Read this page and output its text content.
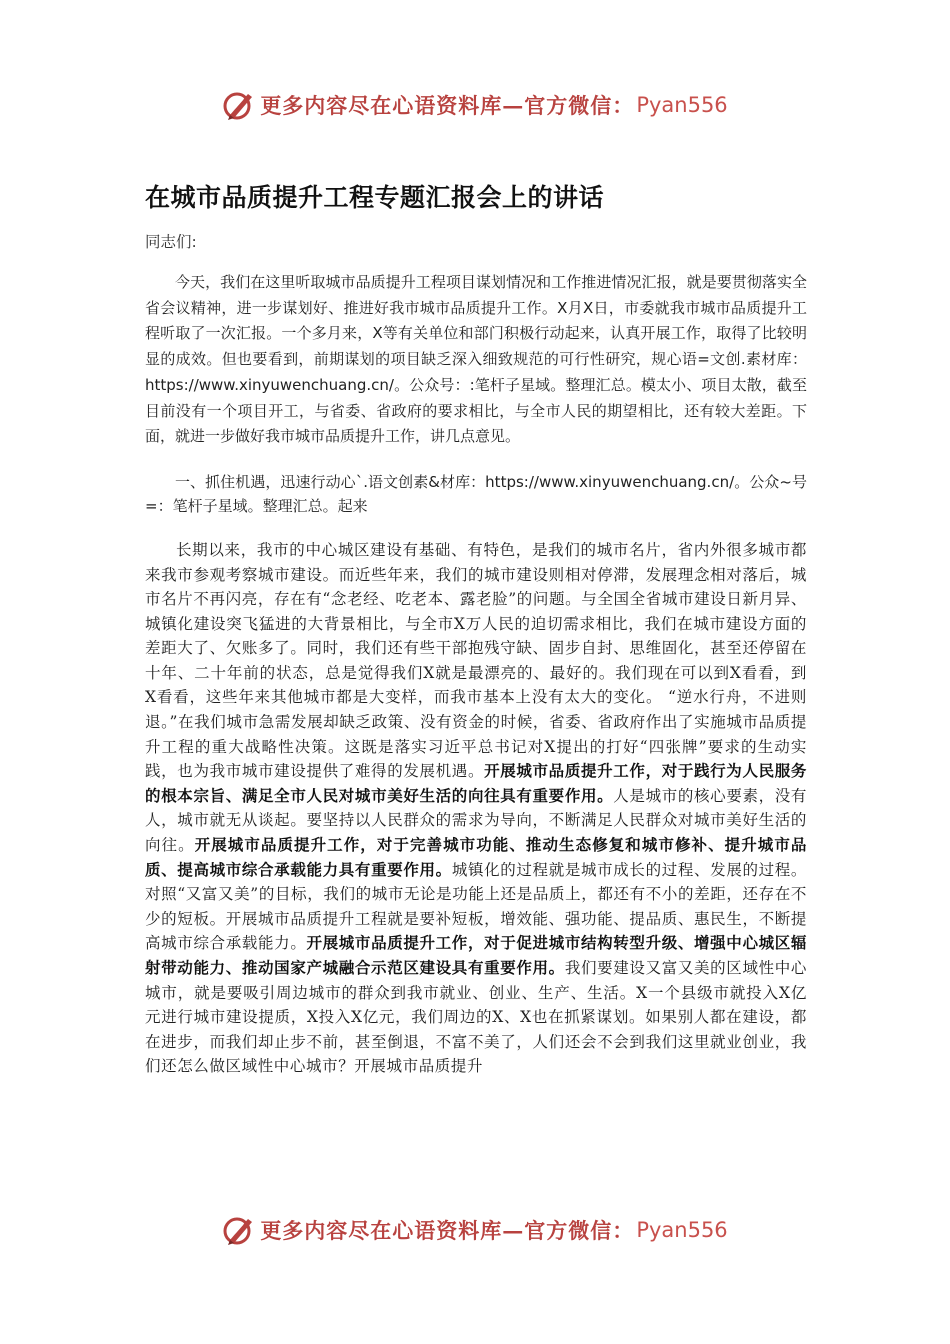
更多内容尽在心语资料库—官方微信： Pyan556
在城市品质提升工程专题汇报会上的讲话

同志们:

今天，我们在这里听取城市品质提升工程项目谋划情况和工作推进情况汇报，就是要贯彻落实全省会议精神，进一步谋划好、推进好我市城市品质提升工作。X月X日，市委就我市城市品质提升工程听取了一次汇报。一个多月来，X等有关单位和部门积极行动起来，认真开展工作，取得了比较明显的成效。但也要看到，前期谋划的项目缺乏深入细致规范的可行性研究，规心语=文创.素材库：https://www.xinyuwenchuang.cn/。公众号：:笔杆子星域。整理汇总。模太小、项目太散，截至目前没有一个项目开工，与省委、省政府的要求相比，与全市人民的期望相比，还有较大差距。下面，就进一步做好我市城市品质提升工作，讲几点意见。

一、抓住机遇，迅速行动心`.语文创素&材库：https://www.xinyuwenchuang.cn/。公众~号=：笔杆子星域。整理汇总。起来

长期以来，我市的中心城区建设有基础、有特色，是我们的城市名片，省内外很多城市都来我市参观考察城市建设。而近些年来，我们的城市建设则相对停滞，发展理念相对落后，城市名片不再闪亮，存在有“念老经、吃老本、露老脸”的问题。与全国全省城市建设日新月异、城镇化建设突飞猛进的大背景相比，与全市X万人民的迫切需求相比，我们在城市建设方面的差距大了、欠账多了。同时，我们还有些干部抱残守缺、固步自封、思维固化，甚至还停留在十年、二十年前的状态，总是觉得我们X就是最漂亮的、最好的。我们现在可以到X看看，到X看看，这些年来其他城市都是大变样，而我市基本上没有太大的变化。 “逆水行舟，不进则退。”在我们城市急需发展却缺乏政策、没有资金的时候，省委、省政府作出了实施城市品质提升工程的重大战略性决策。这既是落实习近平总书记对X提出的打好“四张牌”要求的生动实践，也为我市城市建设提供了难得的发展机遇。开展城市品质提升工作，对于践行为人民服务的根本宗旨、满足全市人民对城市美好生活的向往具有重要作用。人是城市的核心要素，没有人，城市就无从谈起。要坚持以人民群众的需求为导向，不断满足人民群众对城市美好生活的向往。开展城市品质提升工作，对于完善城市功能、推动生态修复和城市修补、提升城市品质、提高城市综合承载能力具有重要作用。城镇化的过程就是城市成长的过程、发展的过程。对照“又富又美”的目标，我们的城市无论是功能上还是品质上，都还有不小的差距，还存在不少的短板。开展城市品质提升工程就是要补短板，增效能、强功能、提品质、惠民生，不断提高城市综合承载能力。开展城市品质提升工作，对于促进城市结构转型升级、增强中心城区辐射带动能力、推动国家产城融合示范区建设具有重要作用。我们要建设又富又美的区域性中心城市，就是要吸引周边城市的群众到我市就业、创业、生产、生活。X一个县级市就投入X亿元进行城市建设提质，X投入X亿元，我们周边的X、X也在抓紧谋划。如果别人都在建设，都在进步，而我们却止步不前，甚至倒退，不富不美了，人们还会不会到我们这里就业创业，我们还怎么做区域性中心城市？开展城市品质提升

更多内容尽在心语资料库—官方微信： Pyan556
